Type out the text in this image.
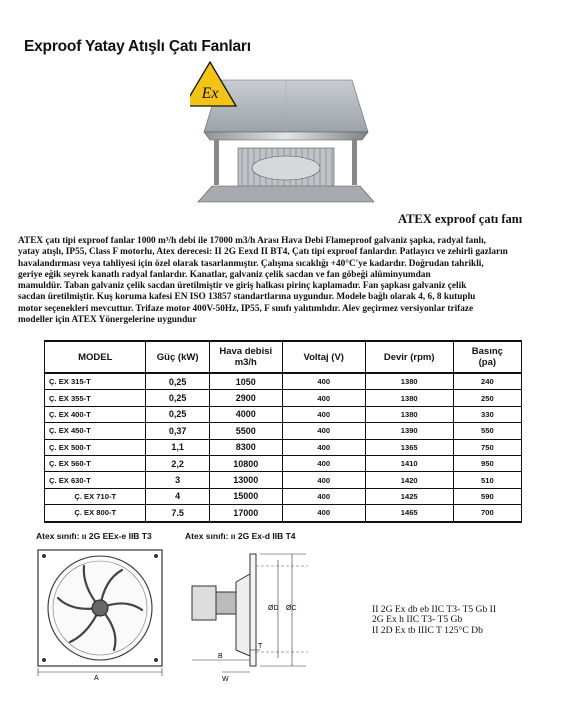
Exproof Yatay Atışlı Çatı Fanları
Ex
ATEX exproof çatı fanı

ATEX çatı tipi exproof fanlar 1000 m³/h debi ile 17000 m3/h Arası Hava Debi Flameproof galvaniz şapka, radyal fanlı,

yatay atışlı, IP55, Class F motorlu, Atex derecesi: II 2G Eexd II BT4, Çatı tipi exproof fanlardır. Patlayıcı ve zehirli gazların

havalandırması veya tahliyesi için özel olarak tasarlanmıştır. Çalışma sıcaklığı +40°C'ye kadardır. Doğrudan tahrikli,

geriye eğik seyrek kanatlı radyal fanlardır. Kanatlar, galvaniz çelik sacdan ve fan göbeği alüminyumdan

mamuldür. Taban galvaniz çelik sacdan üretilmiştir ve giriş halkası pirinç kaplamadır. Fan şapkası galvaniz çelik

sacdan üretilmiştir. Kuş koruma kafesi EN ISO 13857 standartlarına uygundur. Modele bağlı olarak 4, 6, 8 kutuplu

motor seçenekleri mevcuttur. Trifaze motor 400V-50Hz, IP55, F sınıfı yalıtımlıdır. Alev geçirmez versiyonlar trifaze

modeller için ATEX Yönergelerine uygundur

MODEL	Güç (kW)	Hava debisi
m3/h	Voltaj (V)	Devir (rpm)	Basınç
(pa)
Ç. EX 315-T	0,25	1050	400	1380	240
Ç. EX 355-T	0,25	2900	400	1380	250
Ç. EX 400-T	0,25	4000	400	1380	330
Ç. EX 450-T	0,37	5500	400	1390	550
Ç. EX 500-T	1,1	8300	400	1365	750
Ç. EX 560-T	2,2	10800	400	1410	950
Ç. EX 630-T	3	13000	400	1420	510
Ç. EX 710-T	4	15000	400	1425	590
Ç. EX 800-T	7.5	17000	400	1465	700
Atex sınıfı: ıı 2G EEx-e IIB T3	Atex sınıfı: ıı 2G Ex-d IIB T4
A
ØD ØC
B
W
T
II 2G Ex db eb IIC T3- T5 Gb II
2G Ex h IIC T3- T5 Gb
II 2D Ex tb IIIC T 125°C Db
